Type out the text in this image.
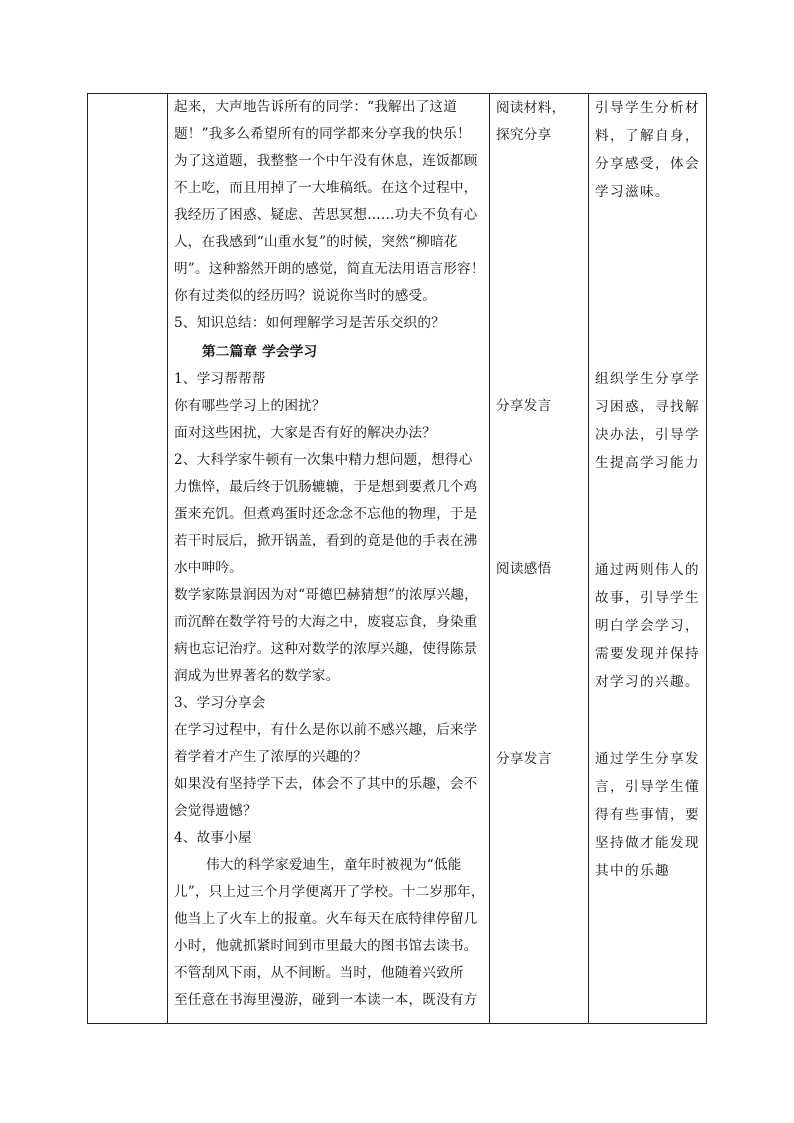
起来，大声地告诉所有的同学：“我解出了这道
题！”我多么希望所有的同学都来分享我的快乐！
为了这道题，我整整一个中午没有休息，连饭都顾
不上吃，而且用掉了一大堆稿纸。在这个过程中，
我经历了困惑、疑虑、苦思冥想……功夫不负有心
人，在我感到“山重水复”的时候，突然“柳暗花
明”。这种豁然开朗的感觉，简直无法用语言形容！
你有过类似的经历吗？说说你当时的感受。
5、知识总结：如何理解学习是苦乐交织的？
第二篇章 学会学习
1、学习帮帮帮
你有哪些学习上的困扰？
面对这些困扰，大家是否有好的解决办法？
2、大科学家牛顿有一次集中精力想问题，想得心
力憔悴，最后终于饥肠辘辘，于是想到要煮几个鸡
蛋来充饥。但煮鸡蛋时还念念不忘他的物理，于是
若干时辰后，掀开锅盖，看到的竟是他的手表在沸
水中呻吟。
数学家陈景润因为对“哥德巴赫猜想”的浓厚兴趣，
而沉醉在数学符号的大海之中，废寝忘食，身染重
病也忘记治疗。这种对数学的浓厚兴趣，使得陈景
润成为世界著名的数学家。
3、学习分享会
在学习过程中，有什么是你以前不感兴趣，后来学
着学着才产生了浓厚的兴趣的？
如果没有坚持学下去，体会不了其中的乐趣，会不
会觉得遗憾？
4、故事小屋
伟大的科学家爱迪生，童年时被视为“低能
儿”，只上过三个月学便离开了学校。十二岁那年，
他当上了火车上的报童。火车每天在底特律停留几
小时，他就抓紧时间到市里最大的图书馆去读书。
不管刮风下雨，从不间断。当时，他随着兴致所
至任意在书海里漫游，碰到一本读一本，既没有方
阅读材料，
探究分享
分享发言
阅读感悟
分享发言
引导学生分析材
料，了解自身，
分享感受，体会
学习滋味。
组织学生分享学
习困惑，寻找解
决办法，引导学
生提高学习能力
通过两则伟人的
故事，引导学生
明白学会学习，
需要发现并保持
对学习的兴趣。
通过学生分享发
言，引导学生懂
得有些事情，要
坚持做才能发现
其中的乐趣
